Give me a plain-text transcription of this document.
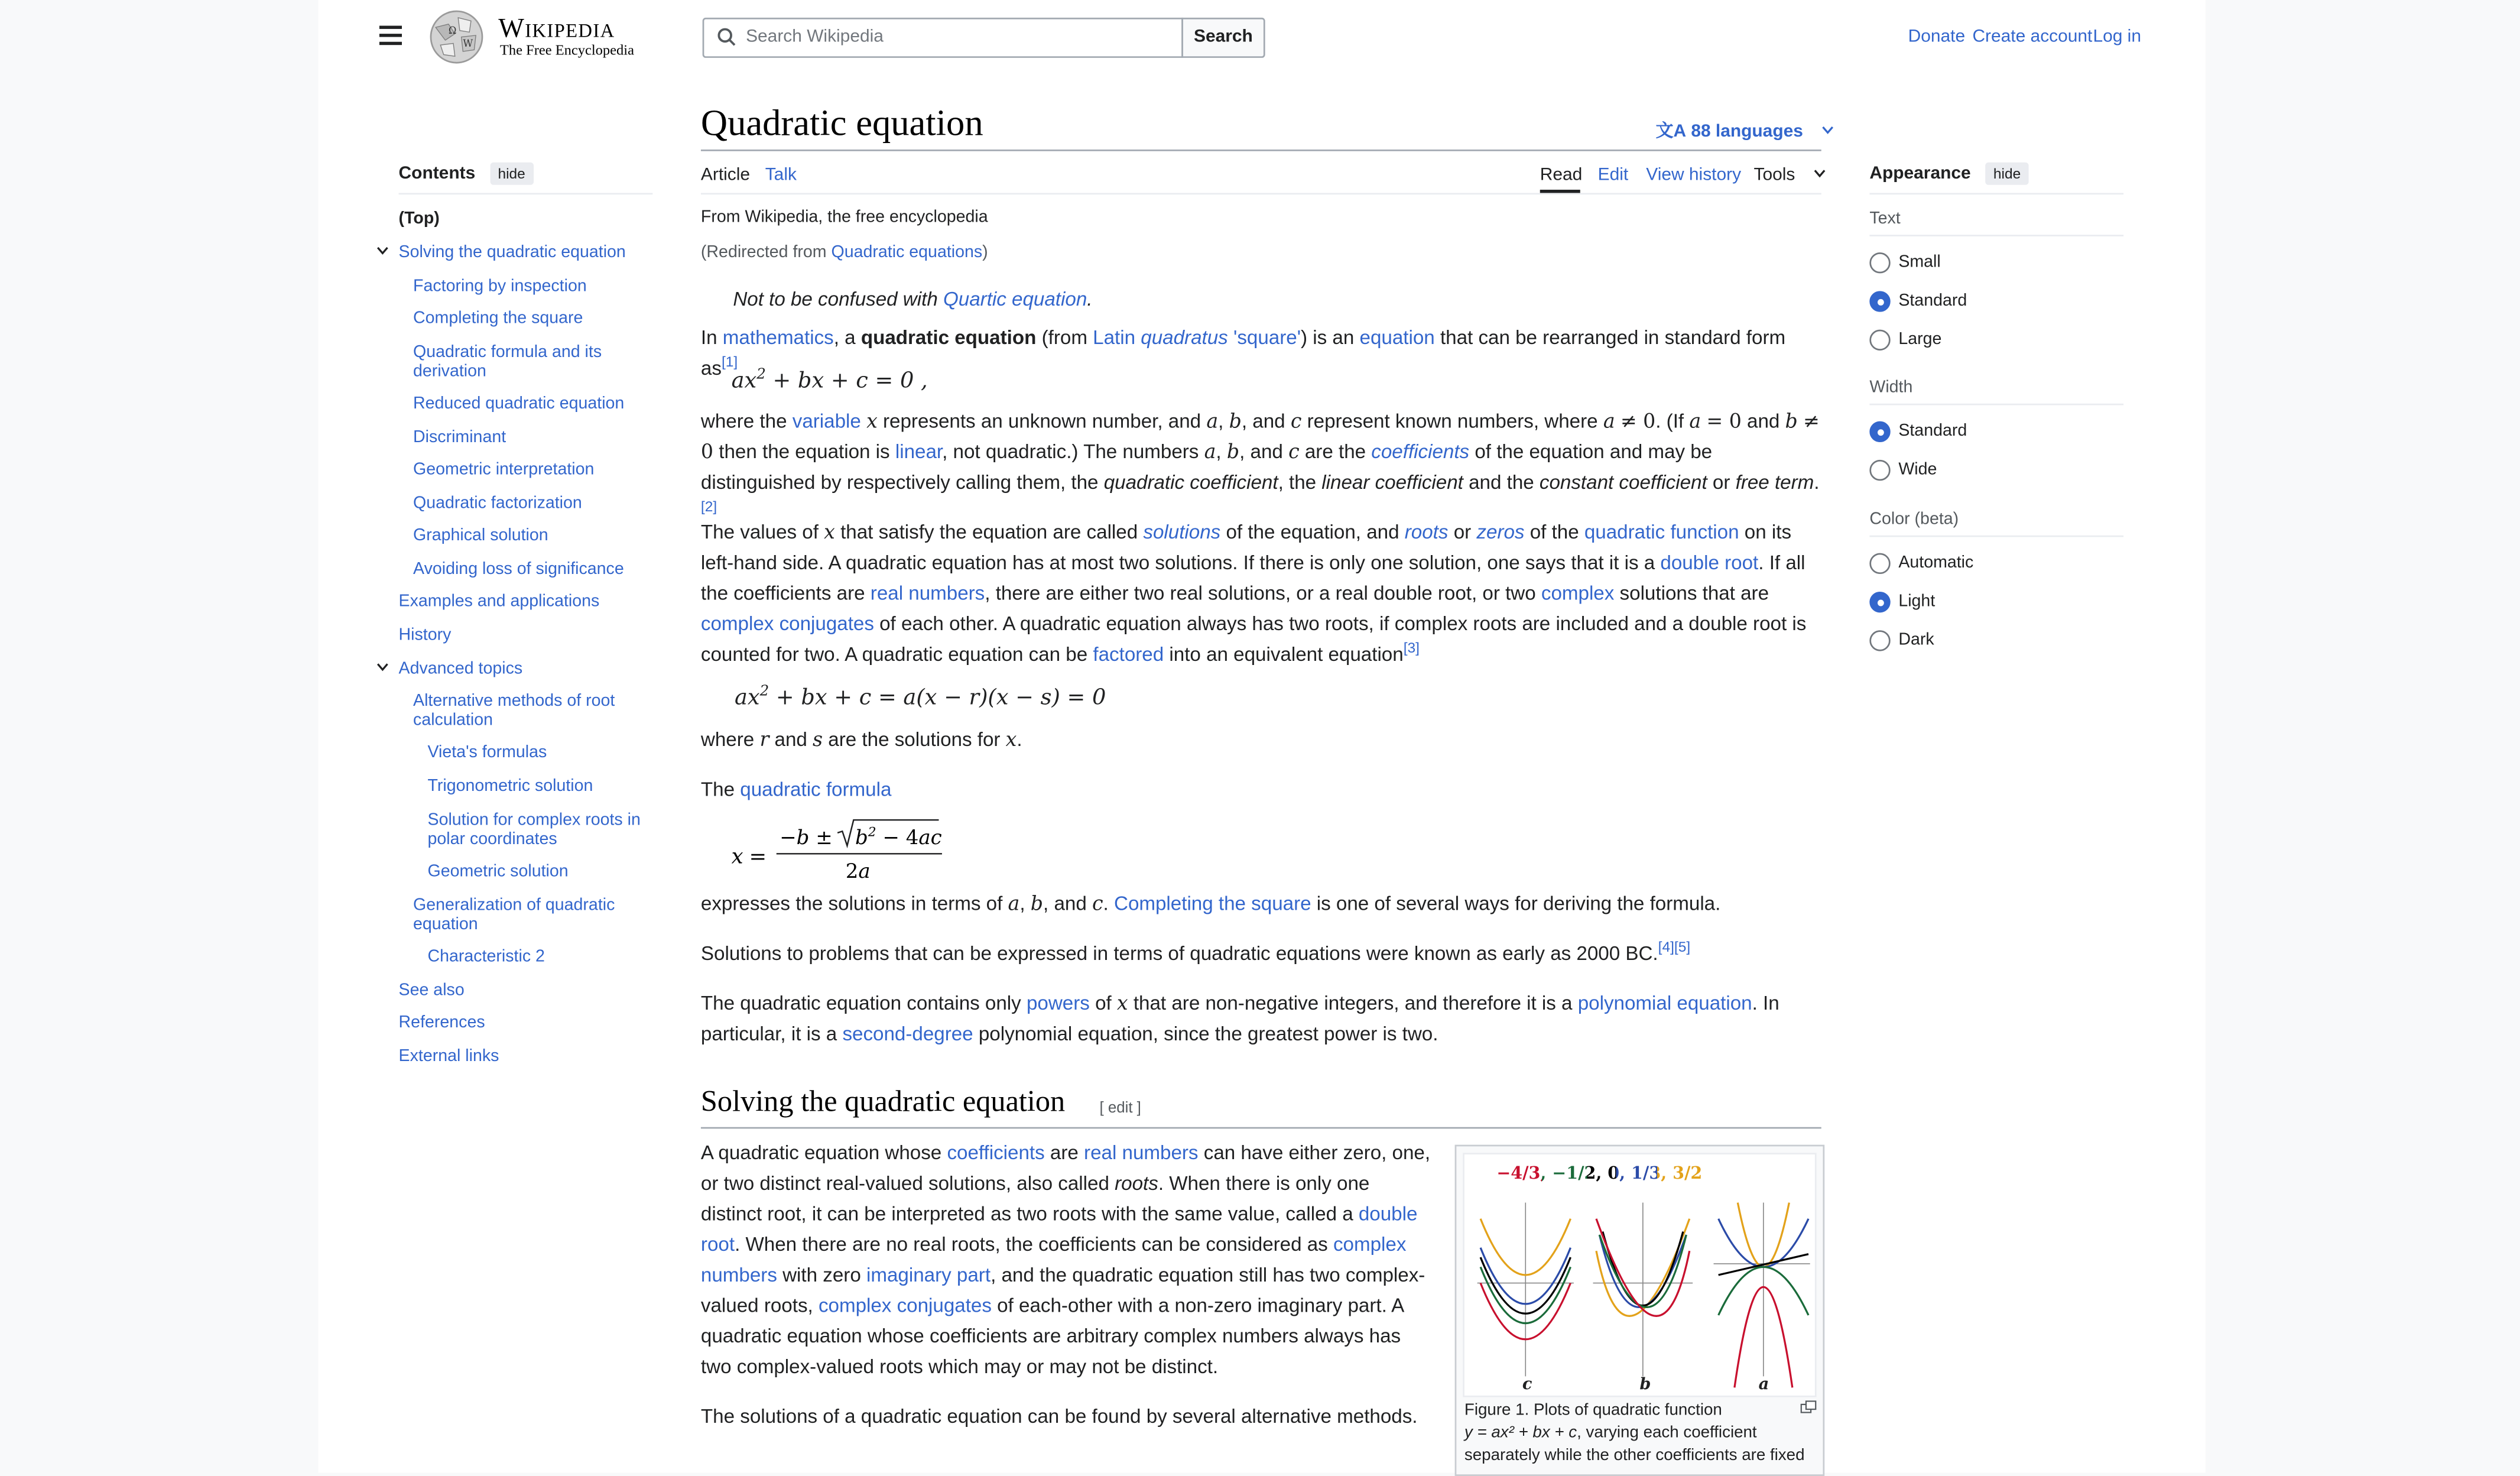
Ω
W	Wikipedia
The Free Encyclopedia
Search Wikipedia	Search	Donate Create account Log in
Contents	hide
(Top)
Solving the quadratic equation
Factoring by inspection
Completing the square
Quadratic formula and its derivation
Reduced quadratic equation
Discriminant
Geometric interpretation
Quadratic factorization
Graphical solution
Avoiding loss of significance
Examples and applications
History
Advanced topics
Alternative methods of root calculation
Vieta's formulas
Trigonometric solution
Solution for complex roots in polar coordinates
Geometric solution
Generalization of quadratic equation
Characteristic 2
See also
References
External links
Quadratic equation	文A 88 languages
Article Talk	Read Edit	View history Tools
From Wikipedia, the free encyclopedia
(Redirected from Quadratic equations)
Not to be confused with Quartic equation.
In mathematics, a quadratic equation (from Latin quadratus 'square') is an equation that can be rearranged in standard form as[1]
$ax^2$ + bx + c = 0 ,
where the variable x represents an unknown number, and a, b, and c represent known numbers, where a ≠ 0. (If a = 0 and b ≠ 0 then the equation is linear, not quadratic.) The numbers a, b, and c are the coefficients of the equation and may be distinguished by respectively calling them, the quadratic coefficient, the linear coefficient and the constant coefficient or free term.[2]
The values of x that satisfy the equation are called solutions of the equation, and roots or zeros of the quadratic function on its left-hand side. A quadratic equation has at most two solutions. If there is only one solution, one says that it is a double root. If all the coefficients are real numbers, there are either two real solutions, or a real double root, or two complex solutions that are complex conjugates of each other. A quadratic equation always has two roots, if complex roots are included and a double root is counted for two. A quadratic equation can be factored into an equivalent equation[3]
$ax^2$ + bx + c = a(x − r)(x − s) = 0
where r and s are the solutions for x.
The quadratic formula
x =
−b ±	$b^2 - 4ac$
2a
expresses the solutions in terms of a, b, and c. Completing the square is one of several ways for deriving the formula.
Solutions to problems that can be expressed in terms of quadratic equations were known as early as 2000 BC.[4][5]
The quadratic equation contains only powers of x that are non-negative integers, and therefore it is a polynomial equation. In particular, it is a second-degree polynomial equation, since the greatest power is two.
Solving the quadratic equation	[ edit ]
A quadratic equation whose coefficients are real numbers can have either zero, one, or two distinct real-valued solutions, also called roots. When there is only one distinct root, it can be interpreted as two roots with the same value, called a double root. When there are no real roots, the coefficients can be considered as complex numbers with zero imaginary part, and the quadratic equation still has two complex-valued roots, complex conjugates of each-other with a non-zero imaginary part. A quadratic equation whose coefficients are arbitrary complex numbers always has two complex-valued roots which may or may not be distinct.
The solutions of a quadratic equation can be found by several alternative methods.
−4/3, −1/2, 0, 1/3, 3/2
c	b	a
Figure 1. Plots of quadratic function
y = ax² + bx + c, varying each coefficient separately while the other coefficients are fixed
Appearance	hide
Text
Small
Standard
Large
Width
Standard
Wide
Color (beta)
Automatic
Light
Dark
